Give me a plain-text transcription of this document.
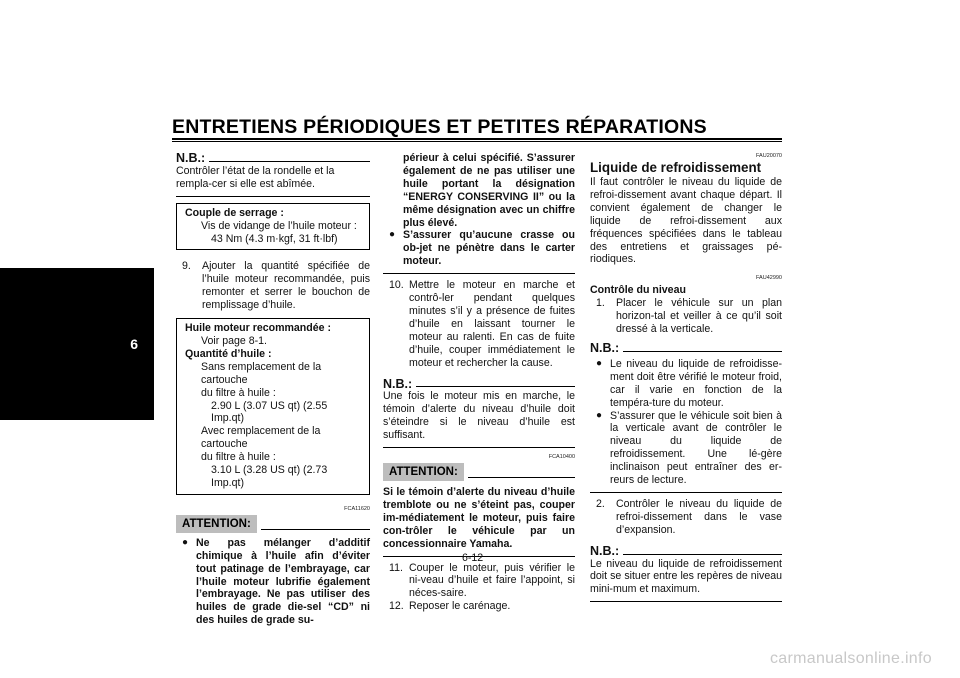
ENTRETIENS PÉRIODIQUES ET PETITES RÉPARATIONS
6
N.B.:

Contrôler l’état de la rondelle et la rempla-cer si elle est abîmée.

Couple de serrage :
Vis de vidange de l’huile moteur :
43 Nm (4.3 m·kgf, 31 ft·lbf)
9.	Ajouter la quantité spécifiée de l’huile moteur recommandée, puis remonter et serrer le bouchon de remplissage d’huile.
Huile moteur recommandée :
Voir page 8-1.
Quantité d’huile :
Sans remplacement de la cartouche
du filtre à huile :
2.90 L (3.07 US qt) (2.55 Imp.qt)
Avec remplacement de la cartouche
du filtre à huile :
3.10 L (3.28 US qt) (2.73 Imp.qt)
FCA11620
ATTENTION:
● Ne pas mélanger d’additif chimique à l’huile afin d’éviter tout patinage de l’embrayage, car l’huile moteur lubrifie également l’embrayage. Ne pas utiliser des huiles de grade die-sel “CD” ni des huiles de grade su-
périeur à celui spécifié. S’assurer également de ne pas utiliser une huile portant la désignation “ENERGY CONSERVING II” ou la même désignation avec un chiffre plus élevé.
● S’assurer qu’aucune crasse ou ob-jet ne pénètre dans le carter moteur.
10. Mettre le moteur en marche et contrô-ler pendant quelques minutes s’il y a présence de fuites d’huile en laissant tourner le moteur au ralenti. En cas de fuite d’huile, couper immédiatement le moteur et rechercher la cause.
N.B.:

Une fois le moteur mis en marche, le témoin d’alerte du niveau d’huile doit s’éteindre si le niveau d’huile est suffisant.

FCA10400
ATTENTION:

Si le témoin d’alerte du niveau d’huile tremblote ou ne s’éteint pas, couper im-médiatement le moteur, puis faire con-trôler le véhicule par un concessionnaire Yamaha.

11. Couper le moteur, puis vérifier le ni-veau d’huile et faire l’appoint, si néces-saire.
12. Reposer le carénage.
FAU20070
Liquide de refroidissement

Il faut contrôler le niveau du liquide de refroi-dissement avant chaque départ. Il convient également de changer le liquide de refroi-dissement aux fréquences spécifiées dans le tableau des entretiens et graissages pé-riodiques.

FAU42990
Contrôle du niveau
1.	Placer le véhicule sur un plan horizon-tal et veiller à ce qu’il soit dressé à la verticale.
N.B.:
● Le niveau du liquide de refroidisse-ment doit être vérifié le moteur froid, car il varie en fonction de la tempéra-ture du moteur.
● S’assurer que le véhicule soit bien à la verticale avant de contrôler le niveau du liquide de refroidissement. Une lé-gère inclinaison peut entraîner des er-reurs de lecture.
2.	Contrôler le niveau du liquide de refroi-dissement dans le vase d’expansion.
N.B.:

Le niveau du liquide de refroidissement doit se situer entre les repères de niveau mini-mum et maximum.

6-12
carmanualsonline.info
